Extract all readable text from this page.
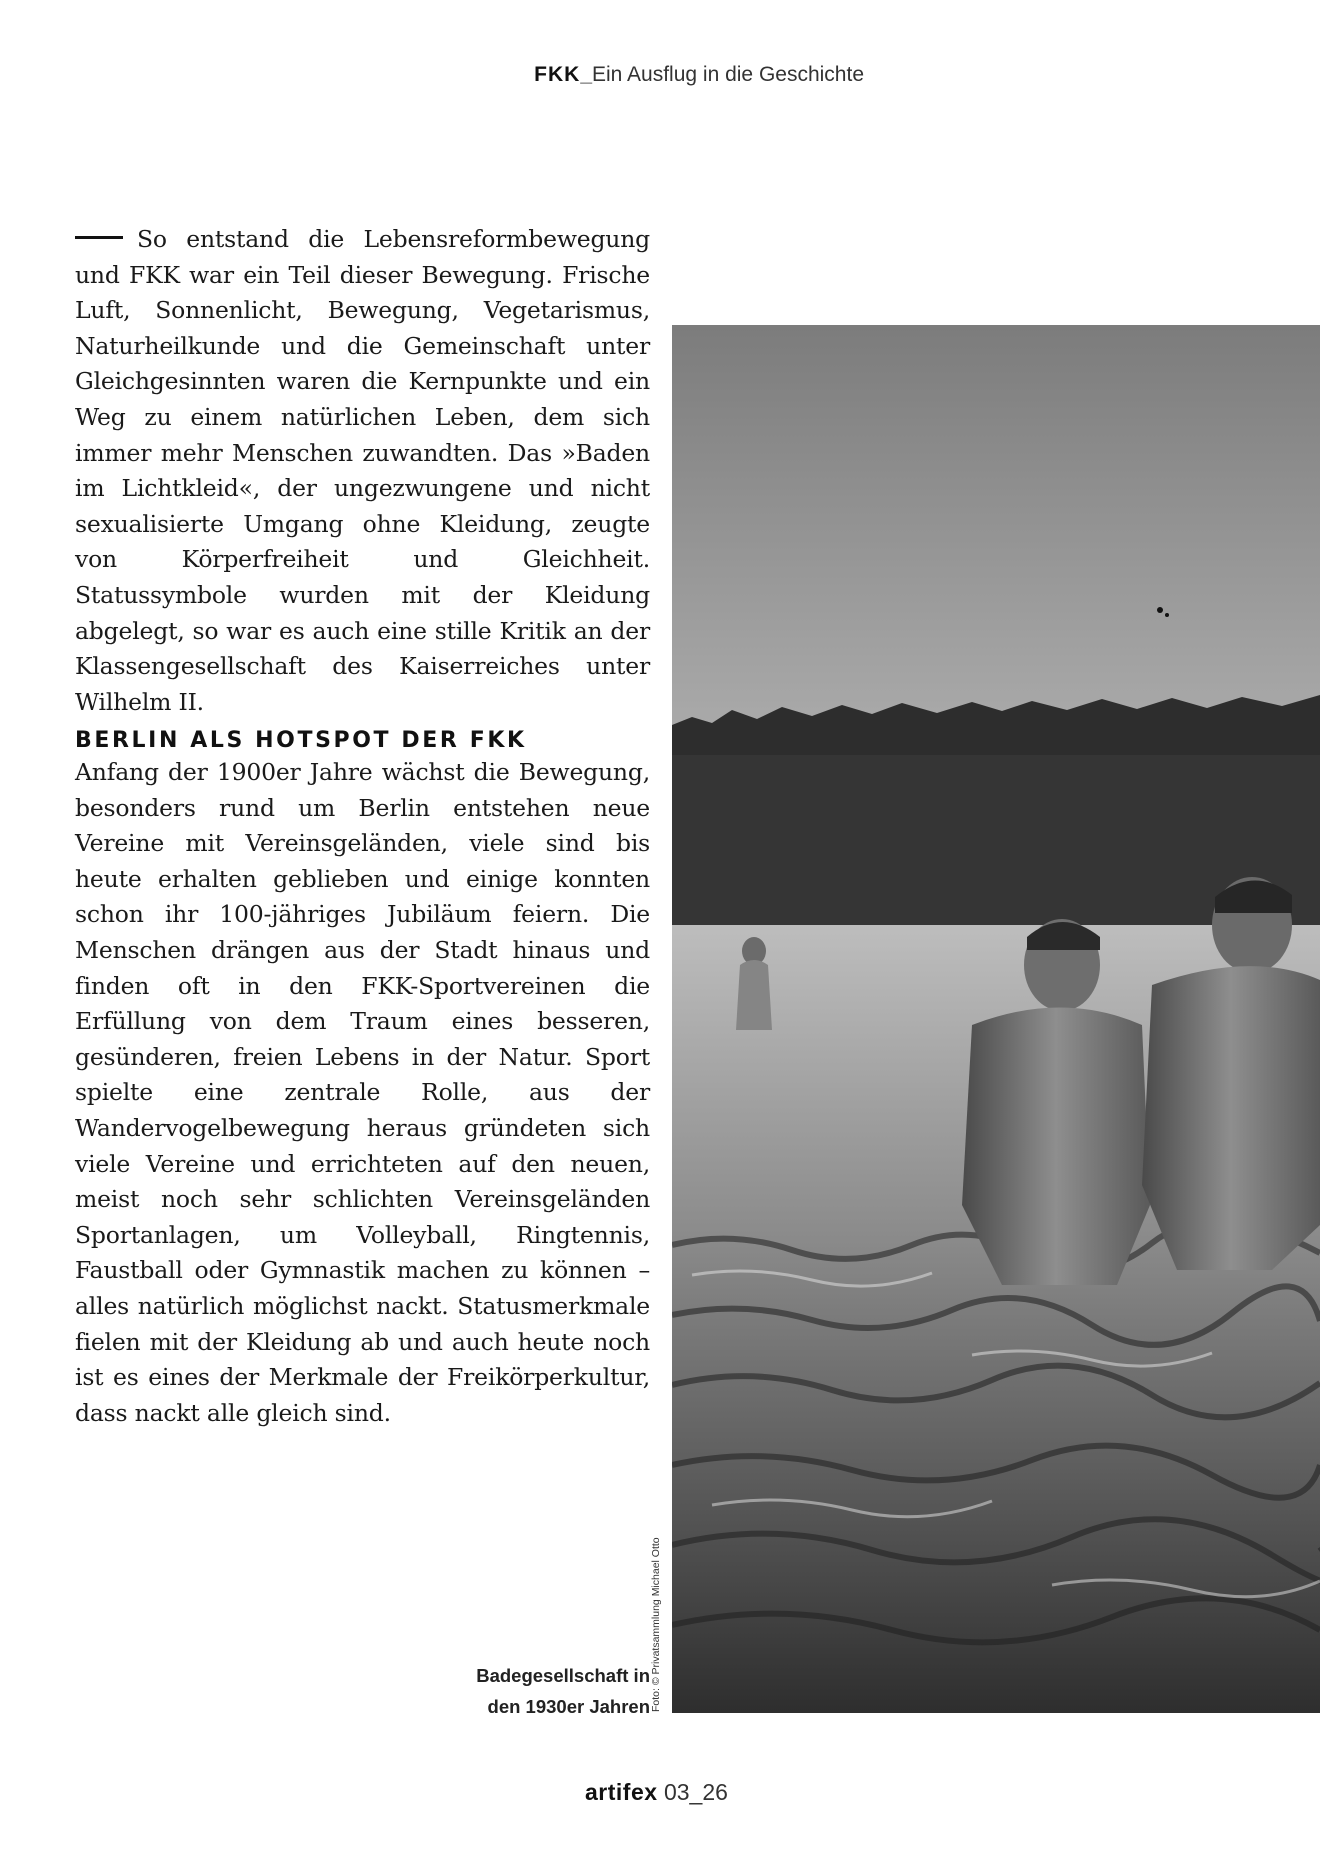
FKK_Ein Ausflug in die Geschichte

So entstand die Lebensreformbewegung und FKK war ein Teil dieser Bewegung. Frische Luft, Sonnenlicht, Bewegung, Vegetarismus, Naturheilkunde und die Gemeinschaft unter Gleichgesinnten waren die Kernpunkte und ein Weg zu einem natürlichen Leben, dem sich immer mehr Menschen zuwandten. Das »Baden im Lichtkleid«, der ungezwungene und nicht sexualisierte Umgang ohne Kleidung, zeugte von Körperfreiheit und Gleichheit. Statussymbole wurden mit der Kleidung abgelegt, so war es auch eine stille Kritik an der Klassengesellschaft des Kaiserreiches unter Wilhelm II.

BERLIN ALS HOTSPOT DER FKK

Anfang der 1900er Jahre wächst die Bewegung, besonders rund um Berlin entstehen neue Vereine mit Vereinsgeländen, viele sind bis heute erhalten geblieben und einige konnten schon ihr 100-jähriges Jubiläum feiern. Die Menschen drängen aus der Stadt hinaus und finden oft in den FKK-Sportvereinen die Erfüllung von dem Traum eines besseren, gesünderen, freien Lebens in der Natur. Sport spielte eine zentrale Rolle, aus der Wandervogelbewegung heraus gründeten sich viele Vereine und errichteten auf den neuen, meist noch sehr schlichten Vereinsgeländen Sportanlagen, um Volleyball, Ringtennis, Faustball oder Gymnastik machen zu können – alles natürlich möglichst nackt. Statusmerkmale fielen mit der Kleidung ab und auch heute noch ist es eines der Merkmale der Freikörperkultur, dass nackt alle gleich sind.

Foto: © Privatsammlung Michael Otto
Badegesellschaft in
den 1930er Jahren
artifex 03_26
